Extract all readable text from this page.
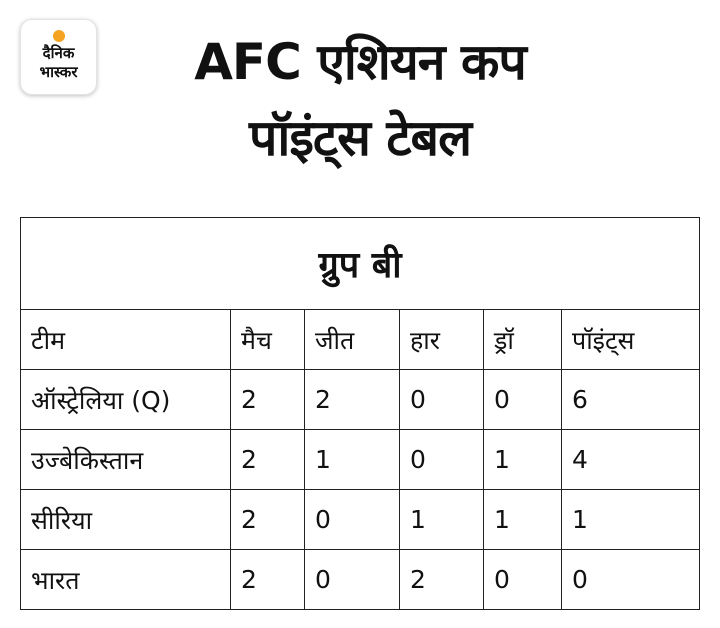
दैनिक
भास्कर	AFC एशियन कप
पॉइंट्स टेबल
ग्रुप बी					
टीम	मैच	जीत	हार	ड्रॉ	पॉइंट्स
ऑस्ट्रेलिया (Q)	2	2	0	0	6
उज्बेकिस्तान	2	1	0	1	4
सीरिया	2	0	1	1	1
भारत	2	0	2	0	0
